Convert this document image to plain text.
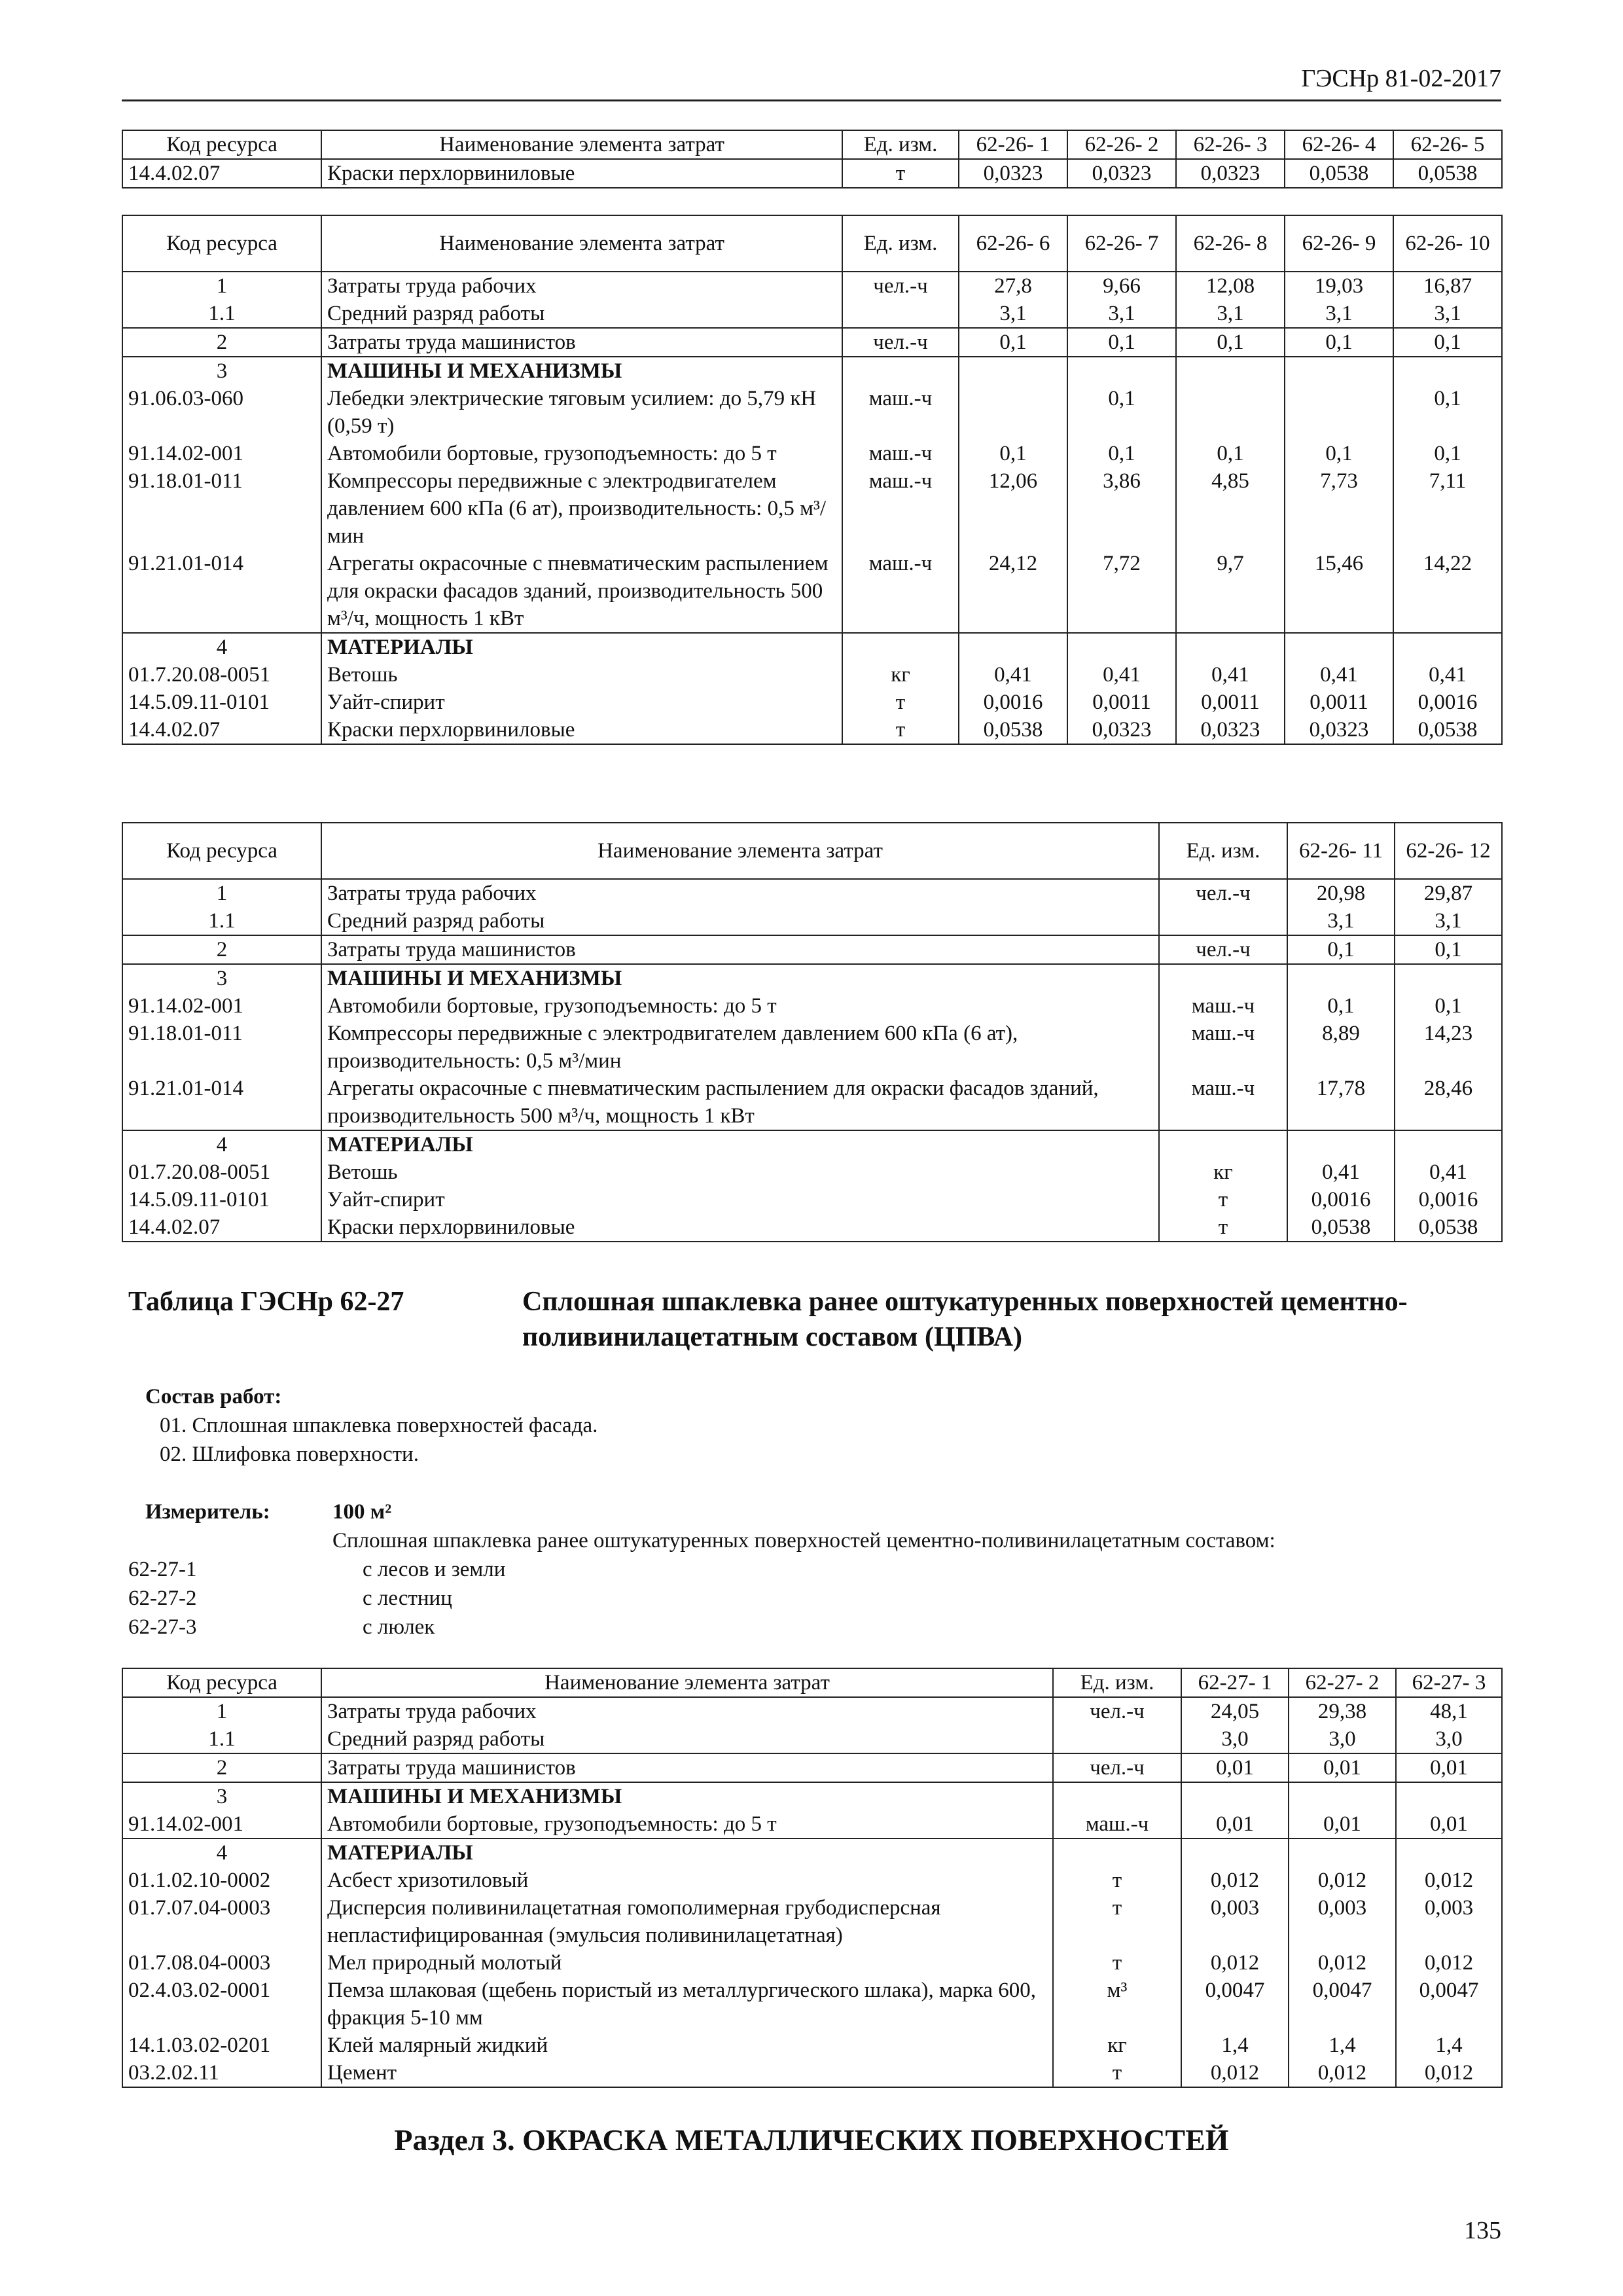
ГЭСНр 81-02-2017
Код ресурса	Наименование элемента затрат	Ед. изм.	62-26- 1	62-26- 2	62-26- 3	62-26- 4	62-26- 5
14.4.02.07	Краски перхлорвиниловые	т	0,0323	0,0323	0,0323	0,0538	0,0538
Код ресурса	Наименование элемента затрат	Ед. изм.	62-26- 6	62-26- 7	62-26- 8	62-26- 9	62-26- 10
1	Затраты труда рабочих	чел.-ч	27,8	9,66	12,08	19,03	16,87
1.1	Средний разряд работы		3,1	3,1	3,1	3,1	3,1
2	Затраты труда машинистов	чел.-ч	0,1	0,1	0,1	0,1	0,1
3	МАШИНЫ И МЕХАНИЗМЫ						
91.06.03-060	Лебедки электрические тяговым усилием: до 5,79 кН (0,59 т)	маш.-ч		0,1			0,1
91.14.02-001	Автомобили бортовые, грузоподъемность: до 5 т	маш.-ч	0,1	0,1	0,1	0,1	0,1
91.18.01-011	Компрессоры передвижные с электродвигателем давлением 600 кПа (6 ат), производительность: 0,5 м³/мин	маш.-ч	12,06	3,86	4,85	7,73	7,11
91.21.01-014	Агрегаты окрасочные с пневматическим распылением для окраски фасадов зданий, производительность 500 м³/ч, мощность 1 кВт	маш.-ч	24,12	7,72	9,7	15,46	14,22
4	МАТЕРИАЛЫ						
01.7.20.08-0051	Ветошь	кг	0,41	0,41	0,41	0,41	0,41
14.5.09.11-0101	Уайт-спирит	т	0,0016	0,0011	0,0011	0,0011	0,0016
14.4.02.07	Краски перхлорвиниловые	т	0,0538	0,0323	0,0323	0,0323	0,0538
Код ресурса	Наименование элемента затрат	Ед. изм.	62-26- 11	62-26- 12
1	Затраты труда рабочих	чел.-ч	20,98	29,87
1.1	Средний разряд работы		3,1	3,1
2	Затраты труда машинистов	чел.-ч	0,1	0,1
3	МАШИНЫ И МЕХАНИЗМЫ			
91.14.02-001	Автомобили бортовые, грузоподъемность: до 5 т	маш.-ч	0,1	0,1
91.18.01-011	Компрессоры передвижные с электродвигателем давлением 600 кПа (6 ат), производительность: 0,5 м³/мин	маш.-ч	8,89	14,23
91.21.01-014	Агрегаты окрасочные с пневматическим распылением для окраски фасадов зданий, производительность 500 м³/ч, мощность 1 кВт	маш.-ч	17,78	28,46
4	МАТЕРИАЛЫ			
01.7.20.08-0051	Ветошь	кг	0,41	0,41
14.5.09.11-0101	Уайт-спирит	т	0,0016	0,0016
14.4.02.07	Краски перхлорвиниловые	т	0,0538	0,0538
Таблица ГЭСНр 62-27	Сплошная шпаклевка ранее оштукатуренных поверхностей цементно-поливинилацетатным составом (ЦПВА)
Состав работ:
01. Сплошная шпаклевка поверхностей фасада.
02. Шлифовка поверхности.
Измеритель:	100 м²
Сплошная шпаклевка ранее оштукатуренных поверхностей цементно-поливинилацетатным составом:
62-27-1	с лесов и земли
62-27-2	с лестниц
62-27-3	с люлек
Код ресурса	Наименование элемента затрат	Ед. изм.	62-27- 1	62-27- 2	62-27- 3
1	Затраты труда рабочих	чел.-ч	24,05	29,38	48,1
1.1	Средний разряд работы		3,0	3,0	3,0
2	Затраты труда машинистов	чел.-ч	0,01	0,01	0,01
3	МАШИНЫ И МЕХАНИЗМЫ				
91.14.02-001	Автомобили бортовые, грузоподъемность: до 5 т	маш.-ч	0,01	0,01	0,01
4	МАТЕРИАЛЫ				
01.1.02.10-0002	Асбест хризотиловый	т	0,012	0,012	0,012
01.7.07.04-0003	Дисперсия поливинилацетатная гомополимерная грубодисперсная непластифицированная (эмульсия поливинилацетатная)	т	0,003	0,003	0,003
01.7.08.04-0003	Мел природный молотый	т	0,012	0,012	0,012
02.4.03.02-0001	Пемза шлаковая (щебень пористый из металлургического шлака), марка 600, фракция 5-10 мм	м³	0,0047	0,0047	0,0047
14.1.03.02-0201	Клей малярный жидкий	кг	1,4	1,4	1,4
03.2.02.11	Цемент	т	0,012	0,012	0,012
Раздел 3. ОКРАСКА МЕТАЛЛИЧЕСКИХ ПОВЕРХНОСТЕЙ
135
